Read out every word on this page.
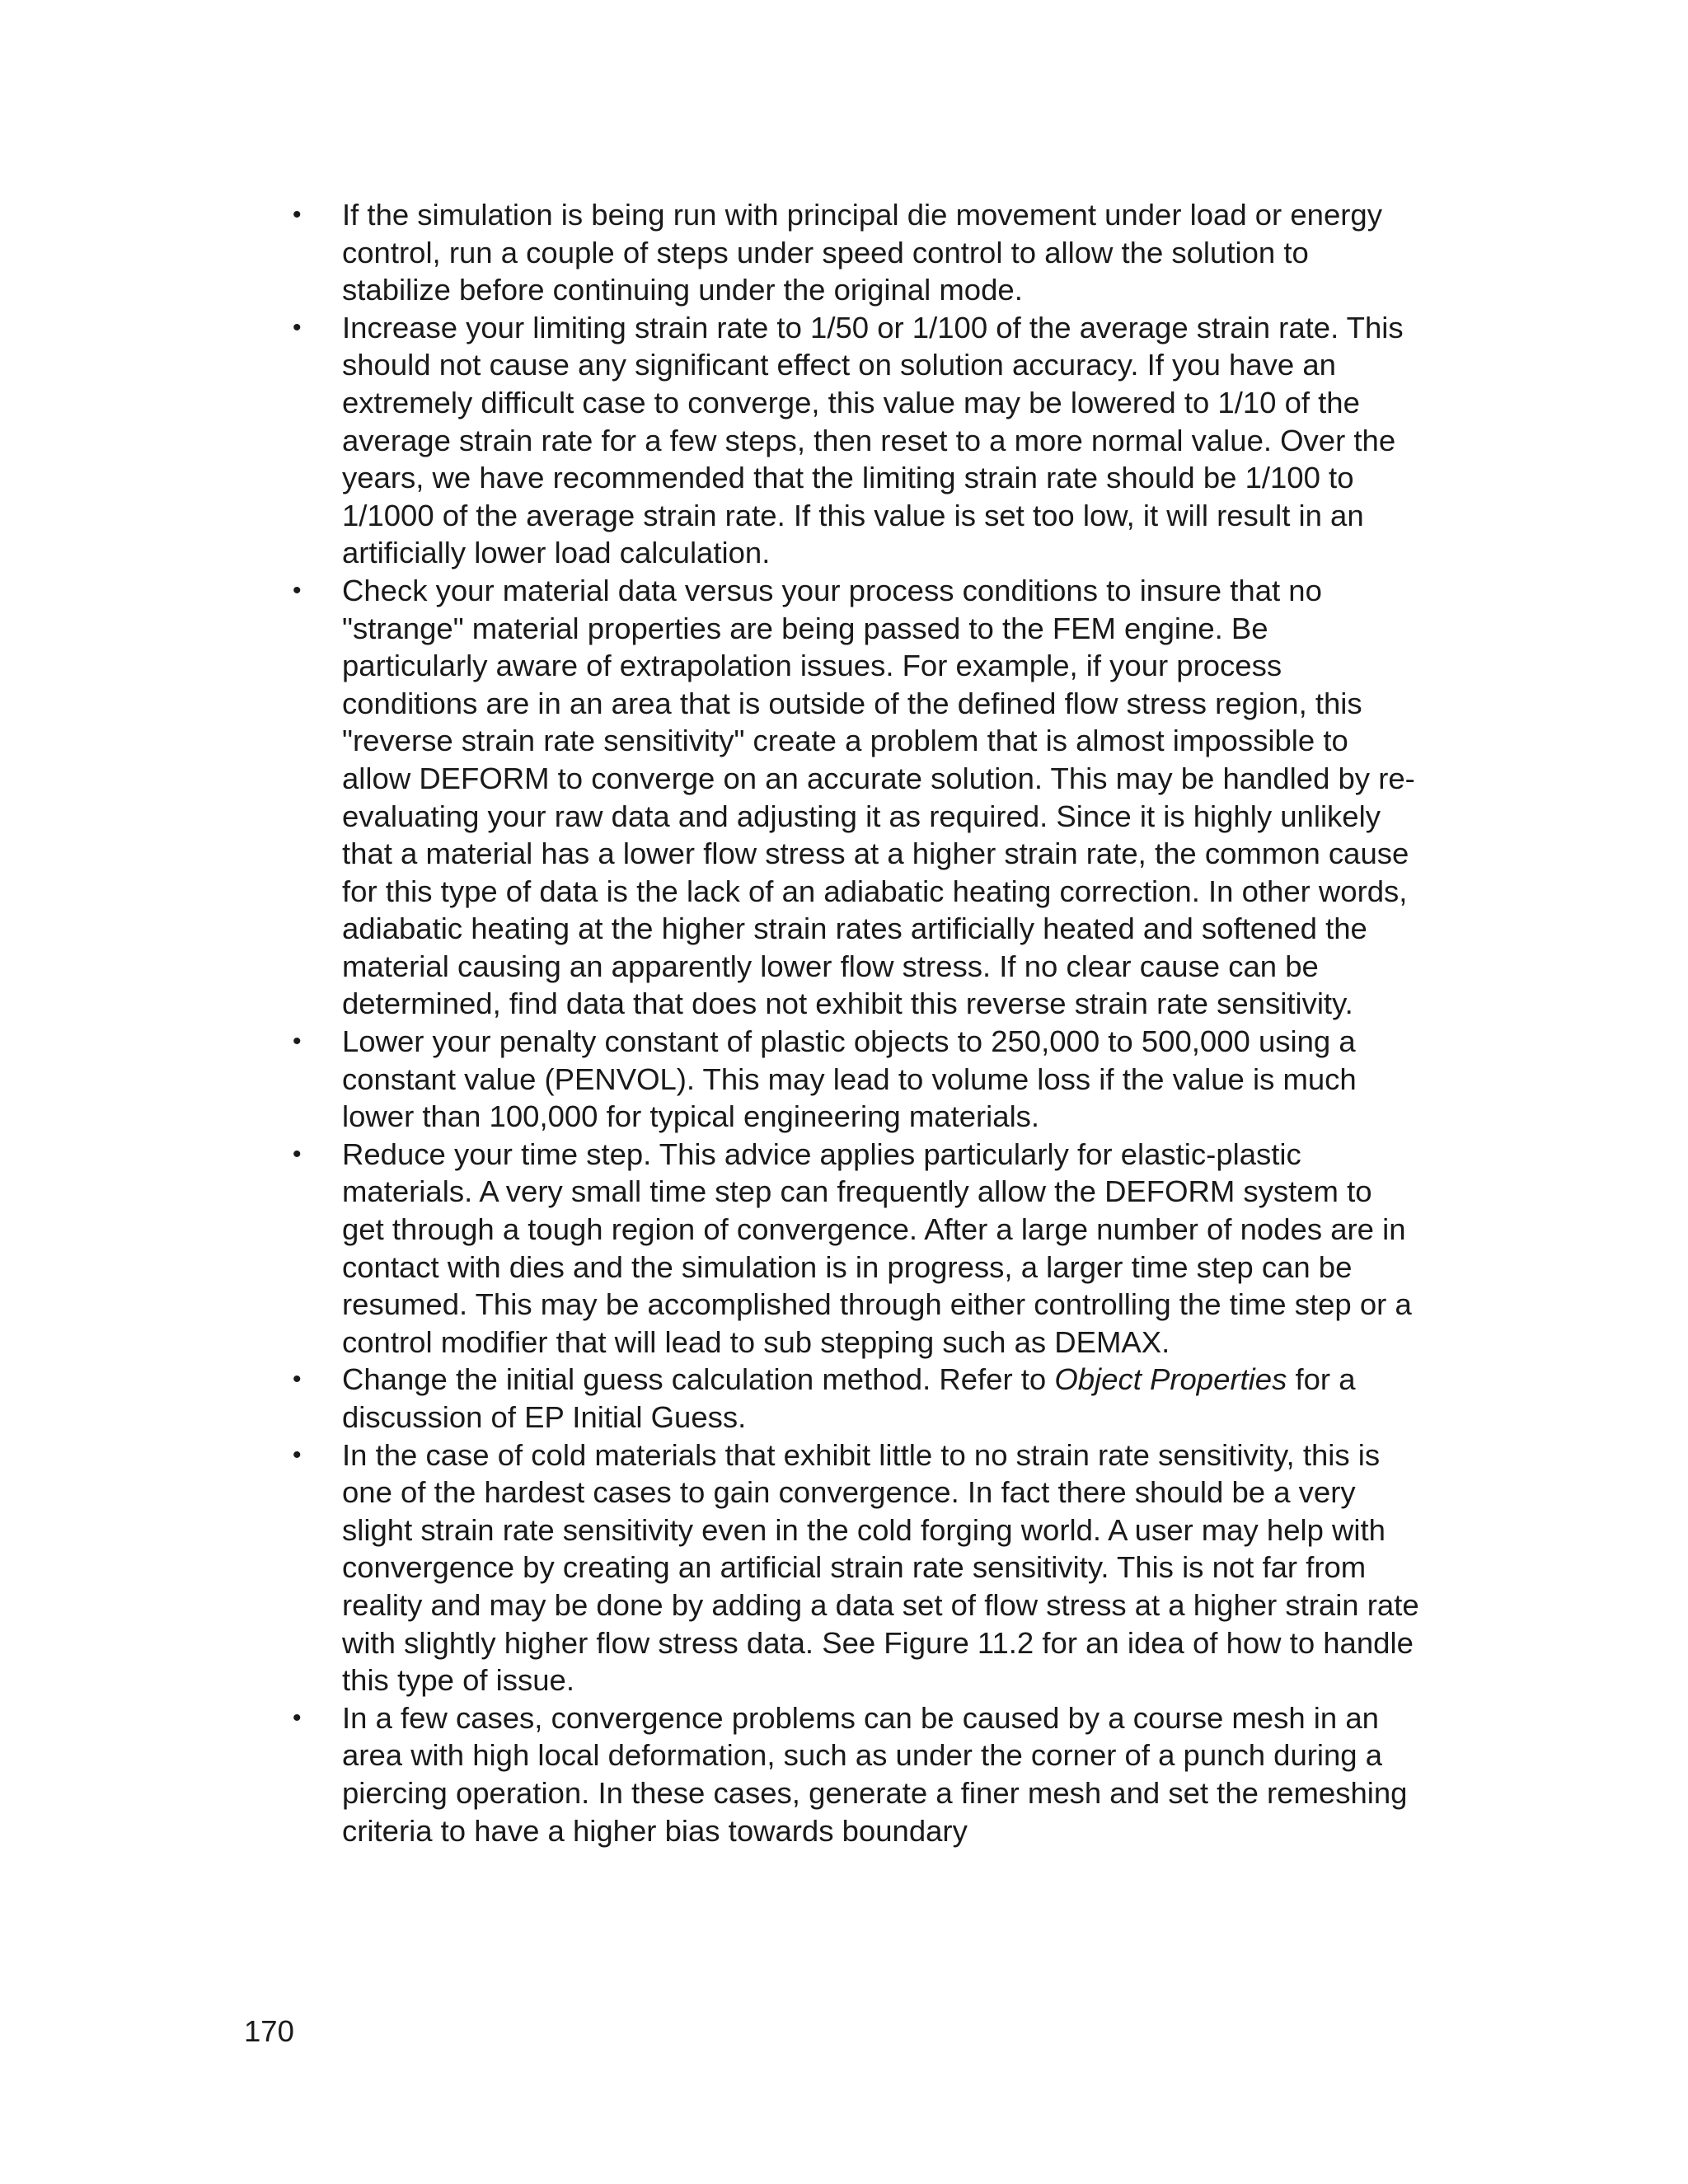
•	If the simulation is being run with principal die movement under load or energy control, run a couple of steps under speed control to allow the solution to stabilize before continuing under the original mode.
•	Increase your limiting strain rate to 1/50 or 1/100 of the average strain rate. This should not cause any significant effect on solution accuracy. If you have an extremely difficult case to converge, this value may be lowered to 1/10 of the average strain rate for a few steps, then reset to a more normal value. Over the years, we have recommended that the limiting strain rate should be 1/100 to 1/1000 of the average strain rate. If this value is set too low, it will result in an artificially lower load calculation.
•	Check your material data versus your process conditions to insure that no "strange" material properties are being passed to the FEM engine. Be particularly aware of extrapolation issues. For example, if your process conditions are in an area that is outside of the defined flow stress region, this "reverse strain rate sensitivity" create a problem that is almost impossible to allow DEFORM to converge on an accurate solution. This may be handled by re-evaluating your raw data and adjusting it as required. Since it is highly unlikely that a material has a lower flow stress at a higher strain rate, the common cause for this type of data is the lack of an adiabatic heating correction. In other words, adiabatic heating at the higher strain rates artificially heated and softened the material causing an apparently lower flow stress. If no clear cause can be determined, find data that does not exhibit this reverse strain rate sensitivity.
•	Lower your penalty constant of plastic objects to 250,000 to 500,000 using a constant value (PENVOL). This may lead to volume loss if the value is much lower than 100,000 for typical engineering materials.
•	Reduce your time step. This advice applies particularly for elastic-plastic materials. A very small time step can frequently allow the DEFORM system to get through a tough region of convergence. After a large number of nodes are in contact with dies and the simulation is in progress, a larger time step can be resumed. This may be accomplished through either controlling the time step or a control modifier that will lead to sub stepping such as DEMAX.
•	Change the initial guess calculation method. Refer to Object Properties for a discussion of EP Initial Guess.
•	In the case of cold materials that exhibit little to no strain rate sensitivity, this is one of the hardest cases to gain convergence. In fact there should be a very slight strain rate sensitivity even in the cold forging world. A user may help with convergence by creating an artificial strain rate sensitivity. This is not far from reality and may be done by adding a data set of flow stress at a higher strain rate with slightly higher flow stress data. See Figure 11.2 for an idea of how to handle this type of issue.
•	In a few cases, convergence problems can be caused by a course mesh in an area with high local deformation, such as under the corner of a punch during a piercing operation. In these cases, generate a finer mesh and set the remeshing criteria to have a higher bias towards boundary
170
